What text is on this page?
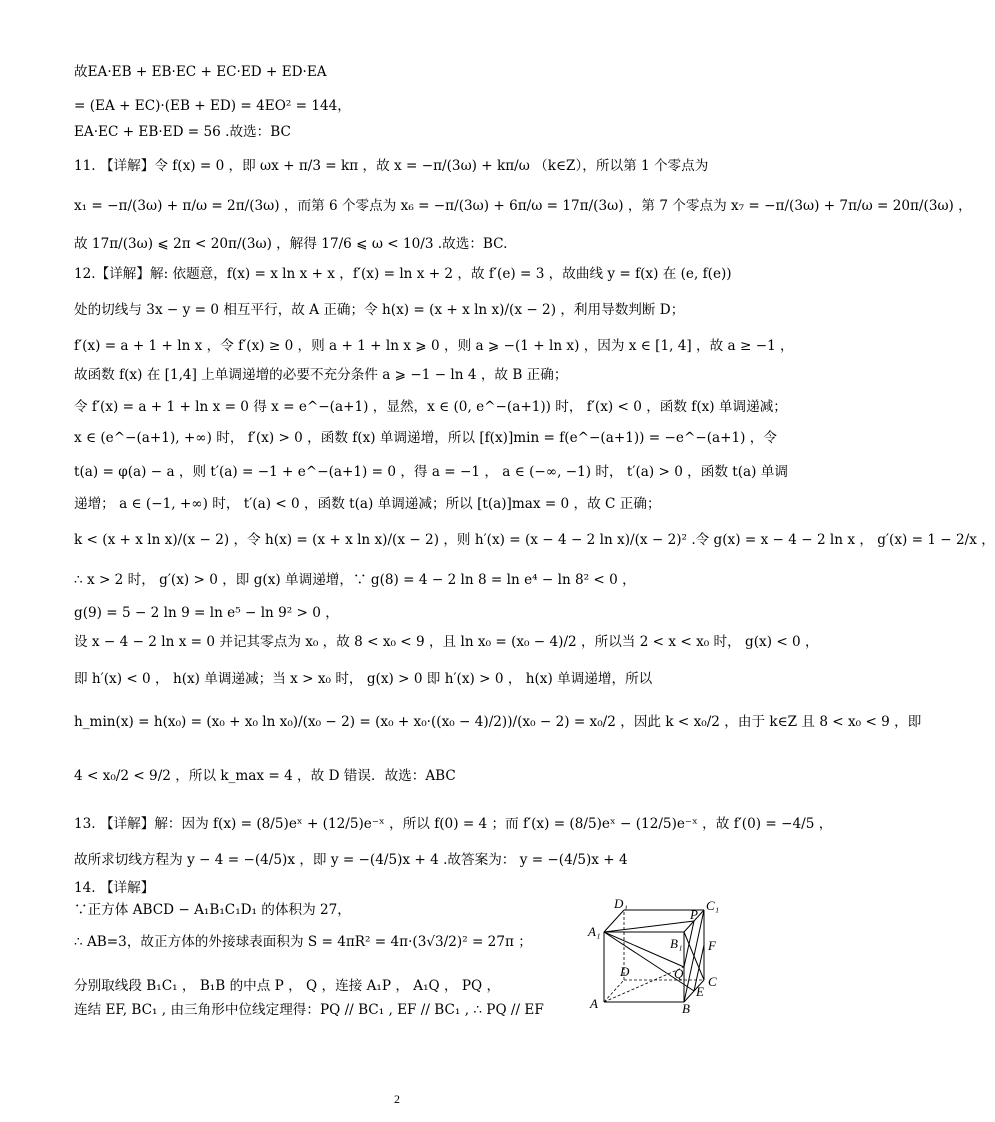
故EA·EB + EB·EC + EC·ED + ED·EA
= (EA + EC)·(EB + ED) = 4EO² = 144，
EA·EC + EB·ED = 56 .故选：BC
11. 【详解】令 f(x) = 0 ，即 ωx + π/3 = kπ ，故 x = −π/(3ω) + kπ/ω （k∈Z），所以第 1 个零点为
x₁ = −π/(3ω) + π/ω = 2π/(3ω) ，而第 6 个零点为 x₆ = −π/(3ω) + 6π/ω = 17π/(3ω) ，第 7 个零点为 x₇ = −π/(3ω) + 7π/ω = 20π/(3ω) ，
故 17π/(3ω) ⩽ 2π < 20π/(3ω) ，解得 17/6 ⩽ ω < 10/3 .故选：BC.
12.【详解】解: 依题意，f(x) = x ln x + x ，f′(x) = ln x + 2 ，故 f′(e) = 3 ，故曲线 y = f(x) 在 (e, f(e))
处的切线与 3x − y = 0 相互平行，故 A 正确；令 h(x) = (x + x ln x)/(x − 2) ，利用导数判断 D；
f′(x) = a + 1 + ln x ，令 f′(x) ≥ 0 ，则 a + 1 + ln x ⩾ 0 ，则 a ⩾ −(1 + ln x) ，因为 x ∈ [1, 4] ，故 a ≥ −1 ，
故函数 f(x) 在 [1,4] 上单调递增的必要不充分条件 a ⩾ −1 − ln 4 ，故 B 正确；
令 f′(x) = a + 1 + ln x = 0 得 x = e^−(a+1) ，显然，x ∈ (0, e^−(a+1)) 时， f′(x) < 0 ，函数 f(x) 单调递减；
x ∈ (e^−(a+1), +∞) 时， f′(x) > 0 ，函数 f(x) 单调递增，所以 [f(x)]min = f(e^−(a+1)) = −e^−(a+1) ，令
t(a) = φ(a) − a ，则 t′(a) = −1 + e^−(a+1) = 0 ，得 a = −1 ， a ∈ (−∞, −1) 时， t′(a) > 0 ，函数 t(a) 单调
递增； a ∈ (−1, +∞) 时， t′(a) < 0 ，函数 t(a) 单调递减；所以 [t(a)]max = 0 ，故 C 正确；
k < (x + x ln x)/(x − 2) ，令 h(x) = (x + x ln x)/(x − 2) ，则 h′(x) = (x − 4 − 2 ln x)/(x − 2)² .令 g(x) = x − 4 − 2 ln x ， g′(x) = 1 − 2/x ，
∴ x > 2 时， g′(x) > 0 ，即 g(x) 单调递增，∵ g(8) = 4 − 2 ln 8 = ln e⁴ − ln 8² < 0 ，
g(9) = 5 − 2 ln 9 = ln e⁵ − ln 9² > 0 ，
设 x − 4 − 2 ln x = 0 并记其零点为 x₀ ，故 8 < x₀ < 9 ，且 ln x₀ = (x₀ − 4)/2 ，所以当 2 < x < x₀ 时， g(x) < 0 ，
即 h′(x) < 0 ， h(x) 单调递减；当 x > x₀ 时， g(x) > 0 即 h′(x) > 0 ， h(x) 单调递增，所以
h_min(x) = h(x₀) = (x₀ + x₀ ln x₀)/(x₀ − 2) = (x₀ + x₀·((x₀ − 4)/2))/(x₀ − 2) = x₀/2 ，因此 k < x₀/2 ，由于 k∈Z 且 8 < x₀ < 9 ，即
4 < x₀/2 < 9/2 ，所以 k_max = 4 ，故 D 错误．故选：ABC
13. 【详解】解：因为 f(x) = (8/5)eˣ + (12/5)e⁻ˣ ，所以 f(0) = 4 ；而 f′(x) = (8/5)eˣ − (12/5)e⁻ˣ ，故 f′(0) = −4/5 ，
故所求切线方程为 y − 4 = −(4/5)x ，即 y = −(4/5)x + 4 .故答案为： y = −(4/5)x + 4
14. 【详解】
∵正方体 ABCD − A₁B₁C₁D₁ 的体积为 27，
∴ AB=3，故正方体的外接球表面积为 S = 4πR² = 4π·(3√3/2)² = 27π ；
分别取线段 B₁C₁ ， B₁B 的中点 P ， Q ，连接 A₁P ， A₁Q ， PQ ，
连结 EF, BC₁ , 由三角形中位线定理得：PQ // BC₁ , EF // BC₁ , ∴ PQ // EF
D₁	C₁
A₁
B₁
P
F
D	Q
C
A
E
B
2
